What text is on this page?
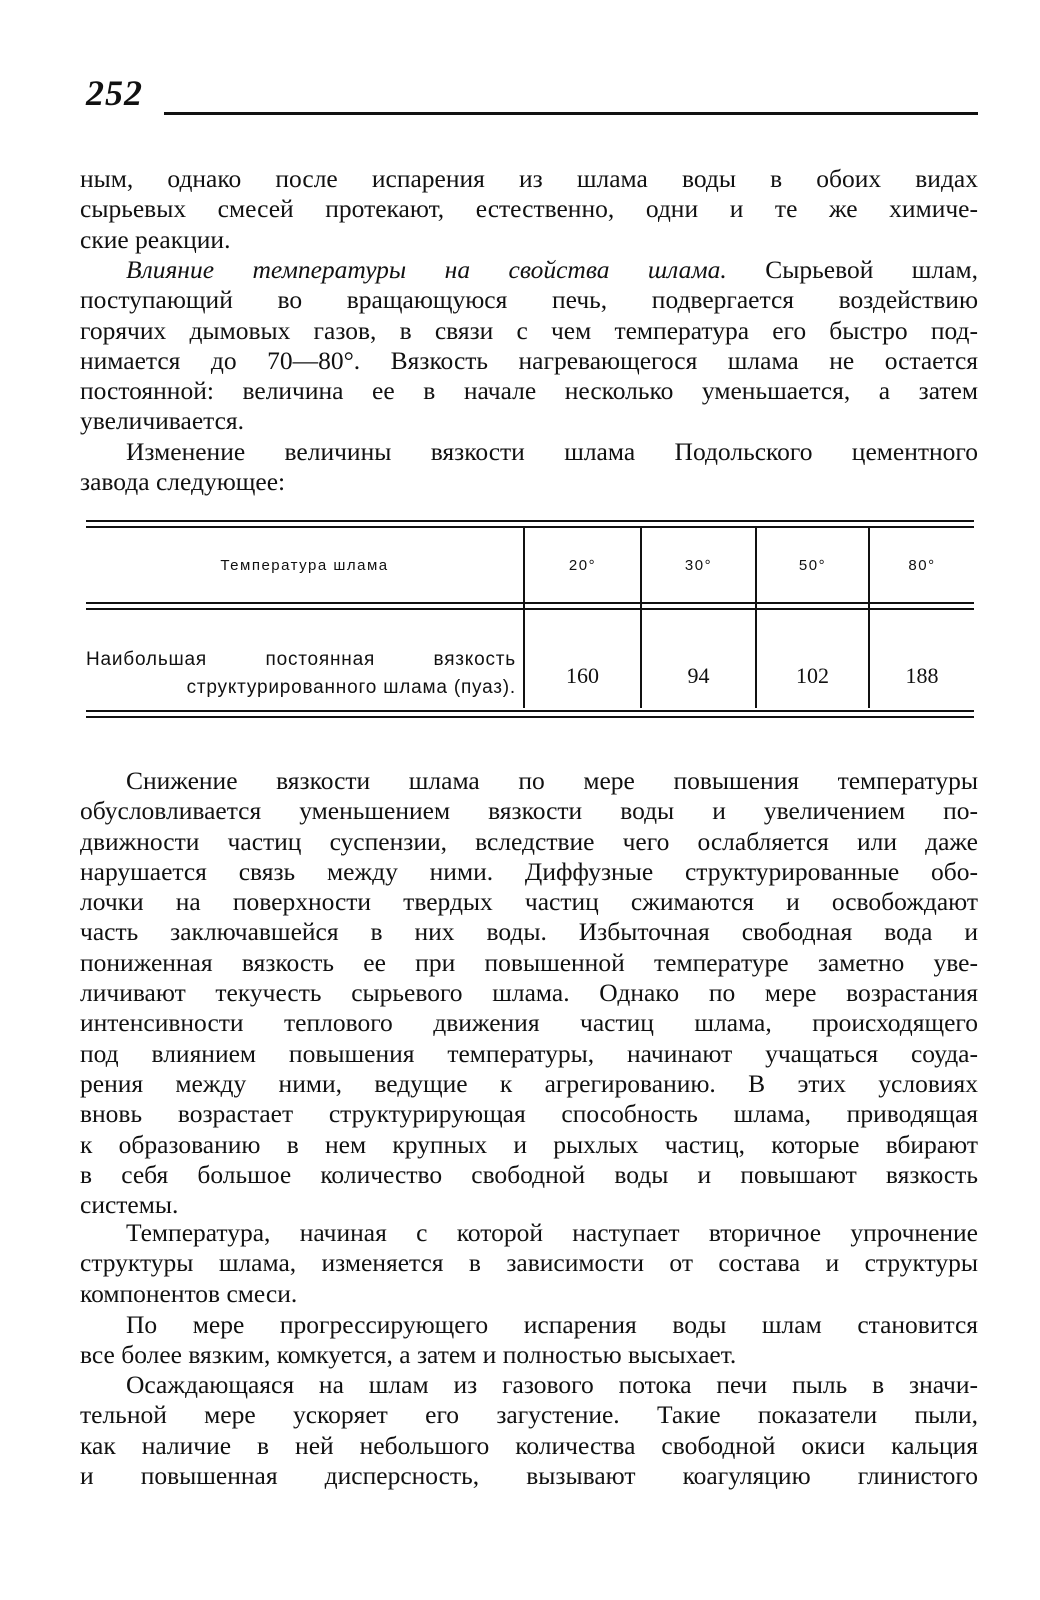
252
ным, однако после испарения из шлама воды в обоих видах
сырьевых смесей протекают, естественно, одни и те же химиче-
ские реакции.
Влияние температуры на свойства шлама. Сырьевой шлам,
поступающий во вращающуюся печь, подвергается воздействию
горячих дымовых газов, в связи с чем температура его быстро под-
нимается до 70—80°. Вязкость нагревающегося шлама не остается
постоянной: величина ее в начале несколько уменьшается, а затем
увеличивается.
Изменение величины вязкости шлама Подольского цементного
завода следующее:
Температура шлама	20°	30°	50°	80°
Наибольшая постоянная вязкость
структурированного шлама (пуаз).	160	94	102	188
Снижение вязкости шлама по мере повышения температуры
обусловливается уменьшением вязкости воды и увеличением по-
движности частиц суспензии, вследствие чего ослабляется или даже
нарушается связь между ними. Диффузные структурированные обо-
лочки на поверхности твердых частиц сжимаются и освобождают
часть заключавшейся в них воды. Избыточная свободная вода и
пониженная вязкость ее при повышенной температуре заметно уве-
личивают текучесть сырьевого шлама. Однако по мере возрастания
интенсивности теплового движения частиц шлама, происходящего
под влиянием повышения температуры, начинают учащаться соуда-
рения между ними, ведущие к агрегированию. В этих условиях
вновь возрастает структурирующая способность шлама, приводящая
к образованию в нем крупных и рыхлых частиц, которые вбирают
в себя большое количество свободной воды и повышают вязкость
системы.
Температура, начиная с которой наступает вторичное упрочнение
структуры шлама, изменяется в зависимости от состава и структуры
компонентов смеси.
По мере прогрессирующего испарения воды шлам становится
все более вязким, комкуется, а затем и полностью высыхает.
Осаждающаяся на шлам из газового потока печи пыль в значи-
тельной мере ускоряет его загустение. Такие показатели пыли,
как наличие в ней небольшого количества свободной окиси кальция
и повышенная дисперсность, вызывают коагуляцию глинистого
